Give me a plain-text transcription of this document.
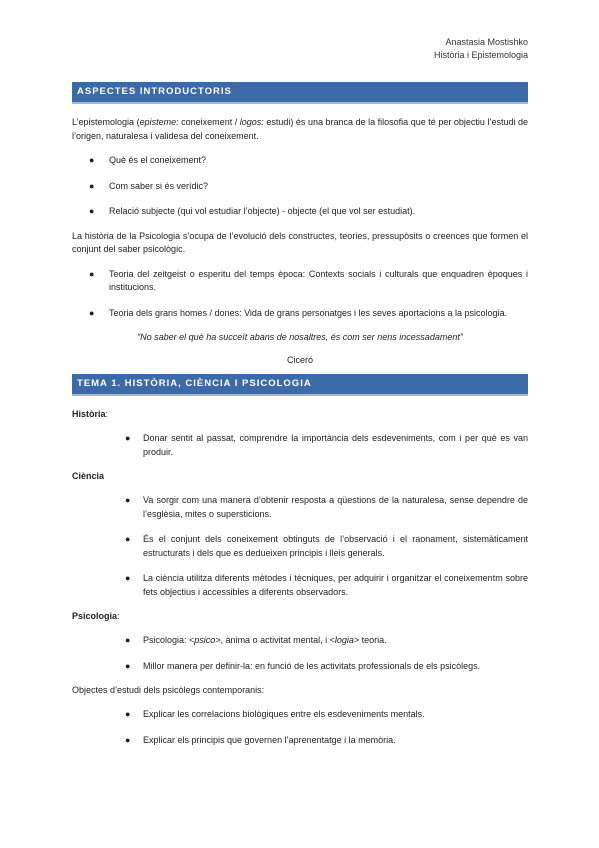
Anastasia Mostishko
Història i Epistemologia
ASPECTES INTRODUCTORIS

L’epistemologia (episteme: coneixement / logos: estudi) és una branca de la filosofia que té per objectiu l’estudi de l’origen, naturalesa i validesa del coneixement.

● Què és el coneixement?
● Com saber si és verídic?
● Relació subjecte (qui vol estudiar l’objecte) - objecte (el que vol ser estudiat).

La història de la Psicologia s’ocupa de l’evolució dels constructes, teories, pressupòsits o creences que formen el conjunt del saber psicològic.

● Teoria del zeitgeist o esperitu del temps època: Contexts socials i culturals que enquadren èpoques i institucions.
● Teoria dels grans homes / dones: Vida de grans personatges i les seves aportacions a la psicologia.
“No saber el què ha succeït abans de nosaltres, és com ser nens incessadament”
Ciceró
TEMA 1. HISTÒRIA, CIÈNCIA I PSICOLOGIA
Història:
● Donar sentit al passat, comprendre la importància dels esdeveniments, com i per què es van produir.
Ciència
● Va sorgir com una manera d’obtenir resposta a qüestions de la naturalesa, sense dependre de l’esglèsia, mites o supersticions.
● És el conjunt dels coneixement obtinguts de l’observació i el raonament, sistemàticament estructurats i dels que es dedueixen principis i lleis generals.
● La ciència utilitza diferents mètodes i tècniques, per adquirir i organitzar el coneixementm sobre fets objectius i accessibles a diferents observadors.
Psicologia:
● Psicologia: <psico>, ànima o activitat mental, i <logia> teoria.
● Millor manera per definir-la: en funció de les activitats professionals de els psicòlegs.
Objectes d’estudi dels psicòlegs contemporanis:
● Explicar les correlacions biològiques entre els esdeveniments mentals.
● Explicar els principis que governen l’aprenentatge i la memòria.
